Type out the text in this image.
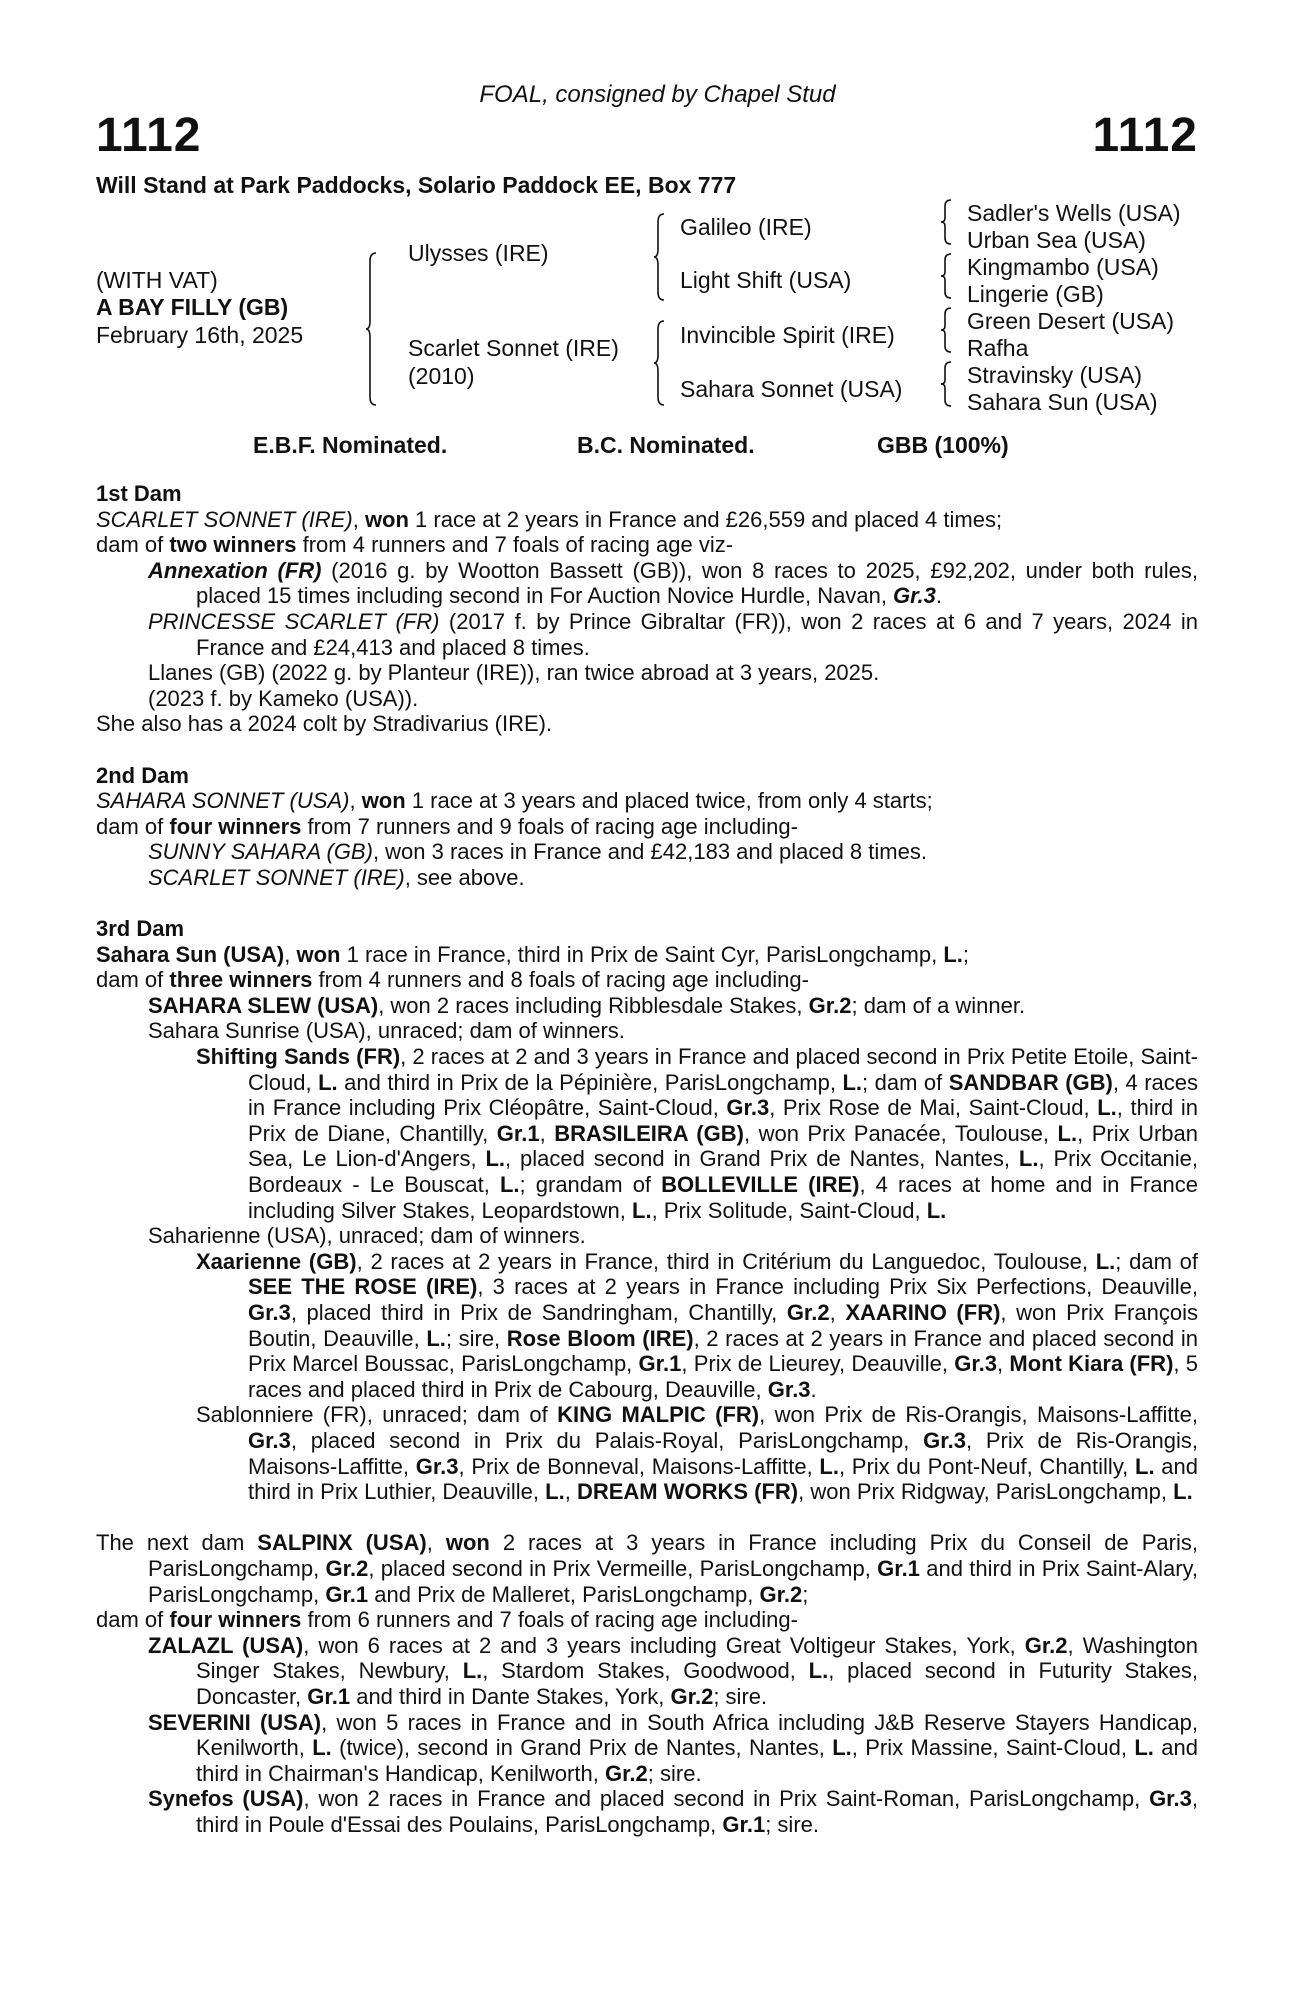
FOAL, consigned by Chapel Stud
1112	1112
Will Stand at Park Paddocks, Solario Paddock EE, Box 777
(WITH VAT)
A BAY FILLY (GB)
February 16th, 2025
Ulysses (IRE)
Scarlet Sonnet (IRE)
(2010)
Galileo (IRE)
Light Shift (USA)
Invincible Spirit (IRE)
Sahara Sonnet (USA)
Sadler's Wells (USA)
Urban Sea (USA)
Kingmambo (USA)
Lingerie (GB)
Green Desert (USA)
Rafha
Stravinsky (USA)
Sahara Sun (USA)
E.B.F. Nominated.	B.C. Nominated.	GBB (100%)
1st Dam
SCARLET SONNET (IRE), won 1 race at 2 years in France and £26,559 and placed 4 times;
dam of two winners from 4 runners and 7 foals of racing age viz-
Annexation (FR) (2016 g. by Wootton Bassett (GB)), won 8 races to 2025, £92,202, under both rules, placed 15 times including second in For Auction Novice Hurdle, Navan, Gr.3.
PRINCESSE SCARLET (FR) (2017 f. by Prince Gibraltar (FR)), won 2 races at 6 and 7 years, 2024 in France and £24,413 and placed 8 times.
Llanes (GB) (2022 g. by Planteur (IRE)), ran twice abroad at 3 years, 2025.
(2023 f. by Kameko (USA)).
She also has a 2024 colt by Stradivarius (IRE).
2nd Dam
SAHARA SONNET (USA), won 1 race at 3 years and placed twice, from only 4 starts;
dam of four winners from 7 runners and 9 foals of racing age including-
SUNNY SAHARA (GB), won 3 races in France and £42,183 and placed 8 times.
SCARLET SONNET (IRE), see above.
3rd Dam
Sahara Sun (USA), won 1 race in France, third in Prix de Saint Cyr, ParisLongchamp, L.;
dam of three winners from 4 runners and 8 foals of racing age including-
SAHARA SLEW (USA), won 2 races including Ribblesdale Stakes, Gr.2; dam of a winner.
Sahara Sunrise (USA), unraced; dam of winners.
Shifting Sands (FR), 2 races at 2 and 3 years in France and placed second in Prix Petite Etoile, Saint-Cloud, L. and third in Prix de la Pépinière, ParisLongchamp, L.; dam of SANDBAR (GB), 4 races in France including Prix Cléopâtre, Saint-Cloud, Gr.3, Prix Rose de Mai, Saint-Cloud, L., third in Prix de Diane, Chantilly, Gr.1, BRASILEIRA (GB), won Prix Panacée, Toulouse, L., Prix Urban Sea, Le Lion-d'Angers, L., placed second in Grand Prix de Nantes, Nantes, L., Prix Occitanie, Bordeaux - Le Bouscat, L.; grandam of BOLLEVILLE (IRE), 4 races at home and in France including Silver Stakes, Leopardstown, L., Prix Solitude, Saint-Cloud, L.
Saharienne (USA), unraced; dam of winners.
Xaarienne (GB), 2 races at 2 years in France, third in Critérium du Languedoc, Toulouse, L.; dam of SEE THE ROSE (IRE), 3 races at 2 years in France including Prix Six Perfections, Deauville, Gr.3, placed third in Prix de Sandringham, Chantilly, Gr.2, XAARINO (FR), won Prix François Boutin, Deauville, L.; sire, Rose Bloom (IRE), 2 races at 2 years in France and placed second in Prix Marcel Boussac, ParisLongchamp, Gr.1, Prix de Lieurey, Deauville, Gr.3, Mont Kiara (FR), 5 races and placed third in Prix de Cabourg, Deauville, Gr.3.
Sablonniere (FR), unraced; dam of KING MALPIC (FR), won Prix de Ris-Orangis, Maisons-Laffitte, Gr.3, placed second in Prix du Palais-Royal, ParisLongchamp, Gr.3, Prix de Ris-Orangis, Maisons-Laffitte, Gr.3, Prix de Bonneval, Maisons-Laffitte, L., Prix du Pont-Neuf, Chantilly, L. and third in Prix Luthier, Deauville, L., DREAM WORKS (FR), won Prix Ridgway, ParisLongchamp, L.
The next dam SALPINX (USA), won 2 races at 3 years in France including Prix du Conseil de Paris, ParisLongchamp, Gr.2, placed second in Prix Vermeille, ParisLongchamp, Gr.1 and third in Prix Saint-Alary, ParisLongchamp, Gr.1 and Prix de Malleret, ParisLongchamp, Gr.2;
dam of four winners from 6 runners and 7 foals of racing age including-
ZALAZL (USA), won 6 races at 2 and 3 years including Great Voltigeur Stakes, York, Gr.2, Washington Singer Stakes, Newbury, L., Stardom Stakes, Goodwood, L., placed second in Futurity Stakes, Doncaster, Gr.1 and third in Dante Stakes, York, Gr.2; sire.
SEVERINI (USA), won 5 races in France and in South Africa including J&B Reserve Stayers Handicap, Kenilworth, L. (twice), second in Grand Prix de Nantes, Nantes, L., Prix Massine, Saint-Cloud, L. and third in Chairman's Handicap, Kenilworth, Gr.2; sire.
Synefos (USA), won 2 races in France and placed second in Prix Saint-Roman, ParisLongchamp, Gr.3, third in Poule d'Essai des Poulains, ParisLongchamp, Gr.1; sire.
